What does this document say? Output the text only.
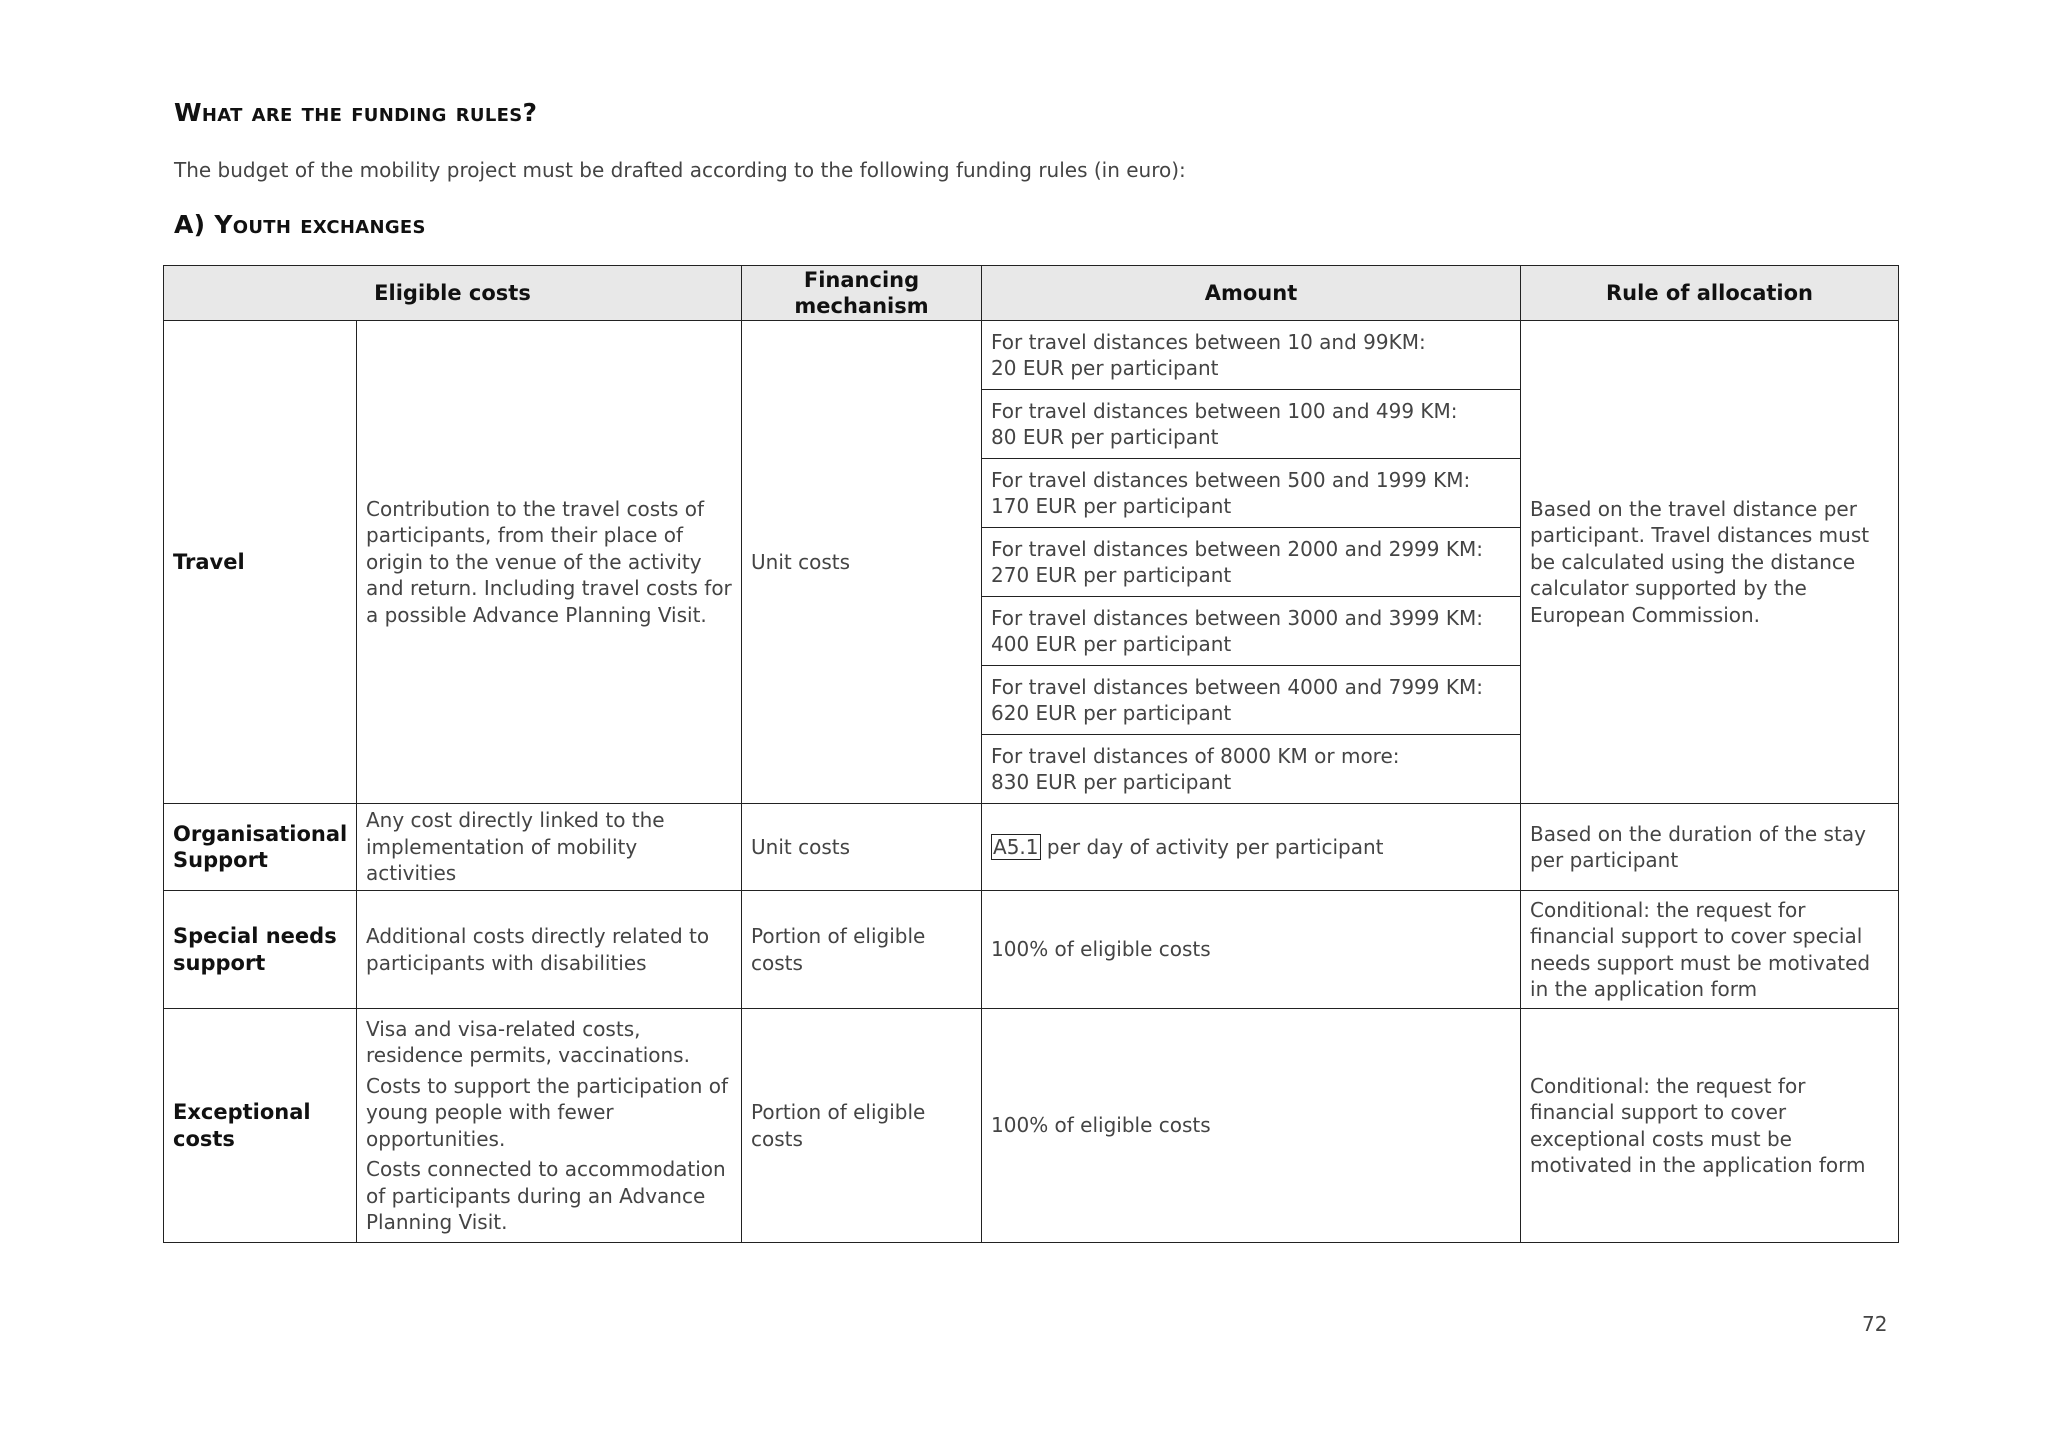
What are the funding rules?
The budget of the mobility project must be drafted according to the following funding rules (in euro):
A) Youth exchanges
Eligible costs		Financing mechanism	Amount	Rule of allocation
Travel	Contribution to the travel costs of participants, from their place of origin to the venue of the activity and return. Including travel costs for a possible Advance Planning Visit.	Unit costs	For travel distances between 10 and 99KM:
20 EUR per participant	Based on the travel distance per participant. Travel distances must be calculated using the distance calculator supported by the European Commission.

			For travel distances between 100 and 499 KM:
80 EUR per participant	

			For travel distances between 500 and 1999 KM:
170 EUR per participant	

			For travel distances between 2000 and 2999 KM:
270 EUR per participant	

			For travel distances between 3000 and 3999 KM:
400 EUR per participant	

			For travel distances between 4000 and 7999 KM:
620 EUR per participant	

			For travel distances of 8000 KM or more:
830 EUR per participant	

Organisational Support	Any cost directly linked to the implementation of mobility activities	Unit costs	A5.1 per day of activity per participant	Based on the duration of the stay per participant
Special needs support	Additional costs directly related to participants with disabilities	Portion of eligible costs	100% of eligible costs	Conditional: the request for financial support to cover special needs support must be motivated in the application form
Exceptional costs	Visa and visa-related costs, residence permits, vaccinations.
Costs to support the participation of young people with fewer opportunities.
Costs connected to accommodation of participants during an Advance Planning Visit.	Portion of eligible costs	100% of eligible costs	Conditional: the request for financial support to cover exceptional costs must be motivated in the application form
72
